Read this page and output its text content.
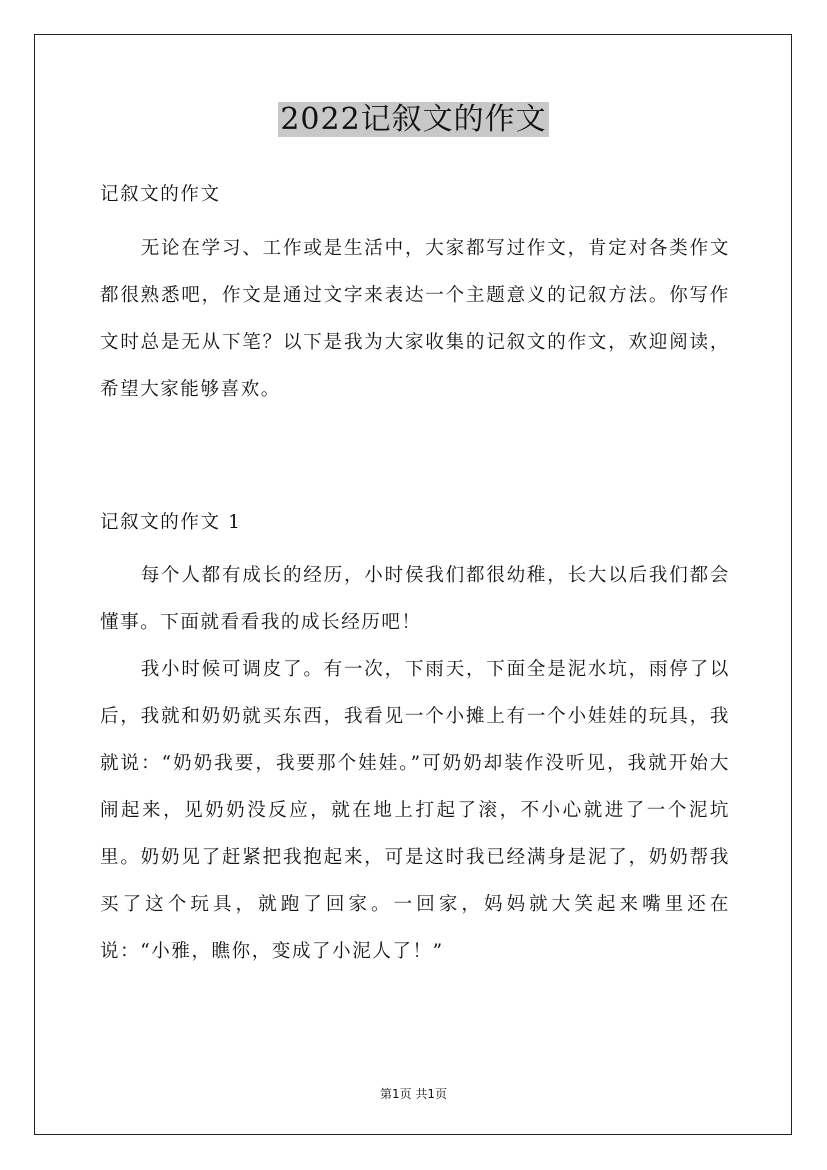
2022记叙文的作文
记叙文的作文

无论在学习、工作或是生活中，大家都写过作文，肯定对各类作文都很熟悉吧，作文是通过文字来表达一个主题意义的记叙方法。你写作文时总是无从下笔？以下是我为大家收集的记叙文的作文，欢迎阅读，希望大家能够喜欢。

记叙文的作文 1

每个人都有成长的经历，小时侯我们都很幼稚，长大以后我们都会懂事。下面就看看我的成长经历吧！

我小时候可调皮了。有一次，下雨天，下面全是泥水坑，雨停了以后，我就和奶奶就买东西，我看见一个小摊上有一个小娃娃的玩具，我就说：“奶奶我要，我要那个娃娃。”可奶奶却装作没听见，我就开始大闹起来，见奶奶没反应，就在地上打起了滚，不小心就进了一个泥坑里。奶奶见了赶紧把我抱起来，可是这时我已经满身是泥了，奶奶帮我买了这个玩具，就跑了回家。一回家，妈妈就大笑起来嘴里还在说：“小雅，瞧你，变成了小泥人了！”

第1页 共1页
